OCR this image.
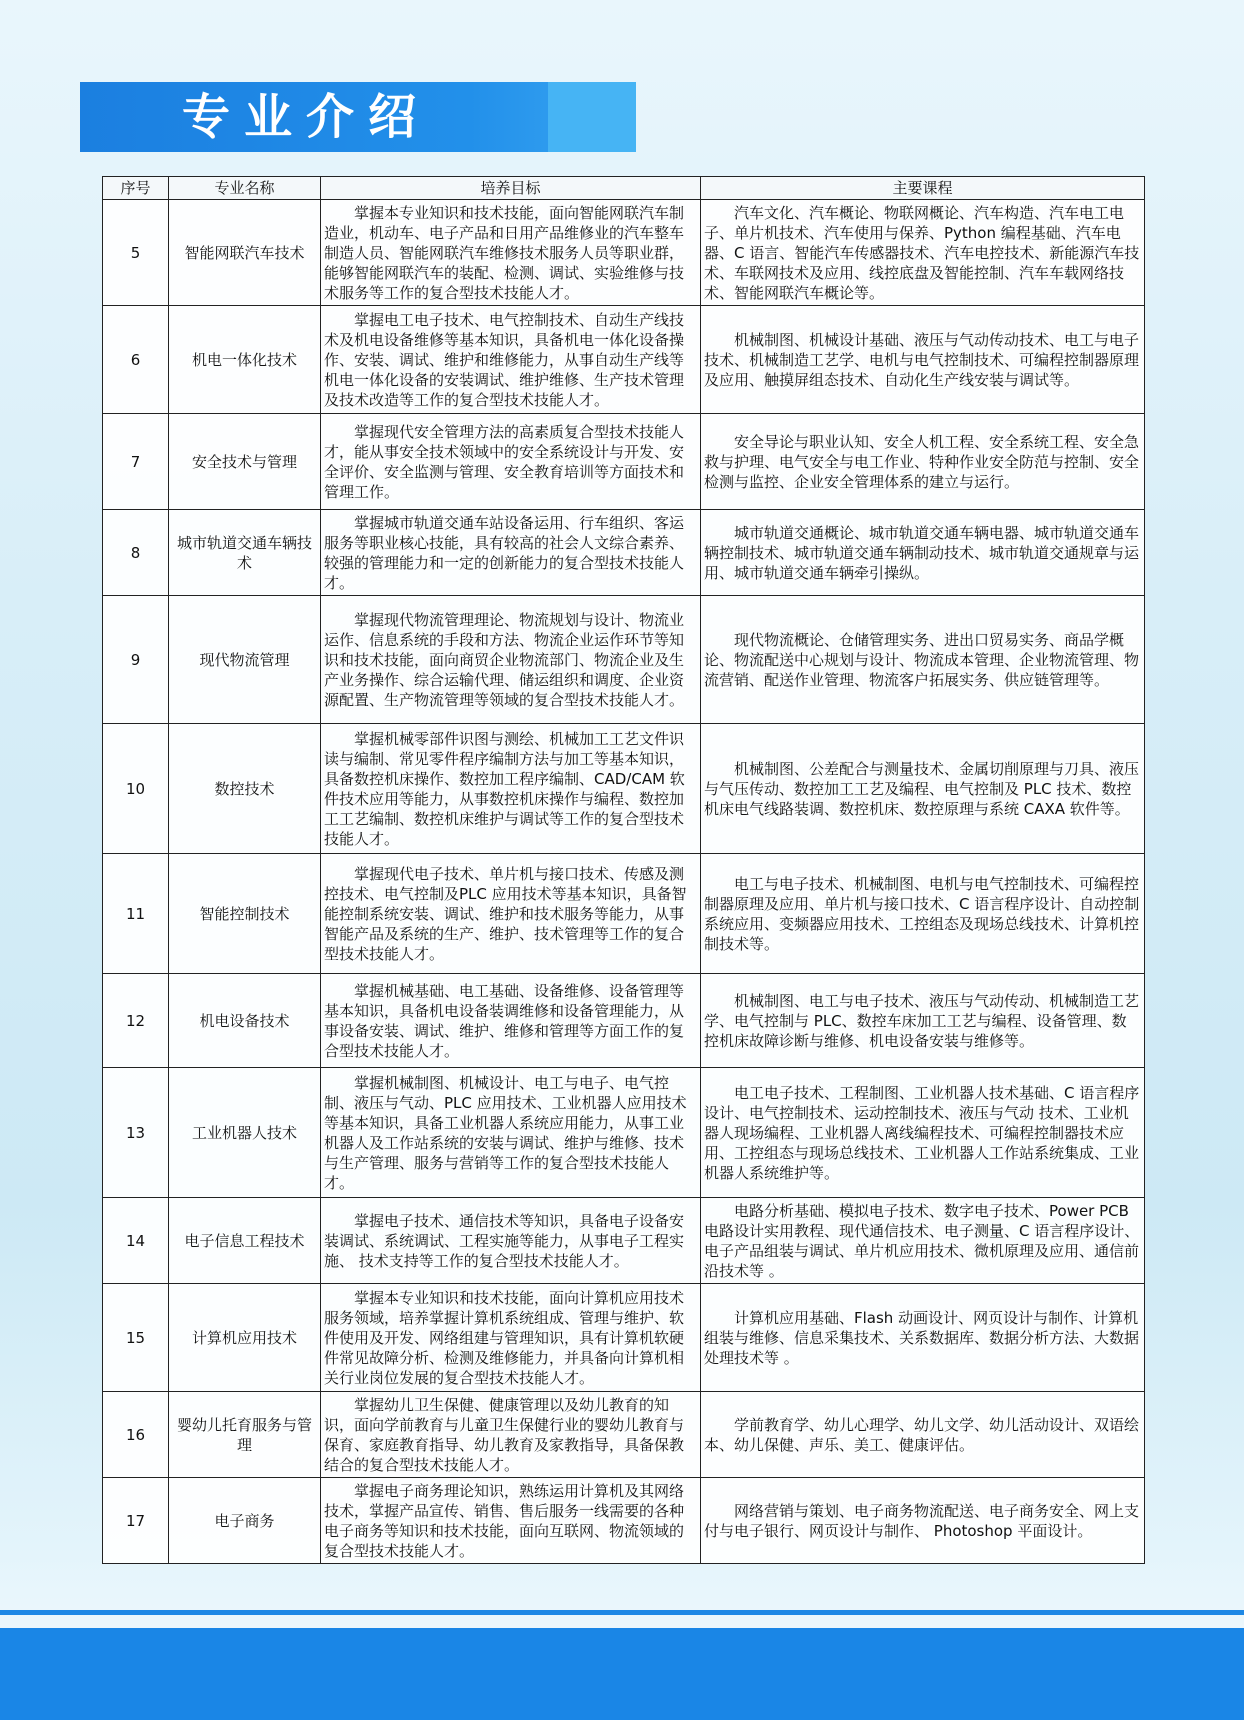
专业介绍
序号	专业名称	培养目标	主要课程
5	智能网联汽车技术	掌握本专业知识和技术技能，面向智能网联汽车制造业，机动车、电子产品和日用产品维修业的汽车整车制造人员、智能网联汽车维修技术服务人员等职业群，能够智能网联汽车的装配、检测、调试、实验维修与技术服务等工作的复合型技术技能人才。	汽车文化、汽车概论、物联网概论、汽车构造、汽车电工电子、单片机技术、汽车使用与保养、Python 编程基础、汽车电器、C 语言、智能汽车传感器技术、汽车电控技术、新能源汽车技术、车联网技术及应用、线控底盘及智能控制、汽车车载网络技术、智能网联汽车概论等。
6	机电一体化技术	掌握电工电子技术、电气控制技术、自动生产线技术及机电设备维修等基本知识，具备机电一体化设备操作、安装、调试、维护和维修能力，从事自动生产线等机电一体化设备的安装调试、维护维修、生产技术管理及技术改造等工作的复合型技术技能人才。	机械制图、机械设计基础、液压与气动传动技术、电工与电子技术、机械制造工艺学、电机与电气控制技术、可编程控制器原理及应用、触摸屏组态技术、自动化生产线安装与调试等。
7	安全技术与管理	掌握现代安全管理方法的高素质复合型技术技能人才，能从事安全技术领域中的安全系统设计与开发、安全评价、安全监测与管理、安全教育培训等方面技术和管理工作。	安全导论与职业认知、安全人机工程、安全系统工程、安全急救与护理、电气安全与电工作业、特种作业安全防范与控制、安全检测与监控、企业安全管理体系的建立与运行。
8	城市轨道交通车辆技术	掌握城市轨道交通车站设备运用、行车组织、客运服务等职业核心技能，具有较高的社会人文综合素养、较强的管理能力和一定的创新能力的复合型技术技能人才。	城市轨道交通概论、城市轨道交通车辆电器、城市轨道交通车辆控制技术、城市轨道交通车辆制动技术、城市轨道交通规章与运用、城市轨道交通车辆牵引操纵。
9	现代物流管理	掌握现代物流管理理论、物流规划与设计、物流业运作、信息系统的手段和方法、物流企业运作环节等知识和技术技能，面向商贸企业物流部门、物流企业及生产业务操作、综合运输代理、储运组织和调度、企业资源配置、生产物流管理等领域的复合型技术技能人才。	现代物流概论、仓储管理实务、进出口贸易实务、商品学概论、物流配送中心规划与设计、物流成本管理、企业物流管理、物流营销、配送作业管理、物流客户拓展实务、供应链管理等。
10	数控技术	掌握机械零部件识图与测绘、机械加工工艺文件识读与编制、常见零件程序编制方法与加工等基本知识，具备数控机床操作、数控加工程序编制、CAD/CAM 软件技术应用等能力，从事数控机床操作与编程、数控加工工艺编制、数控机床维护与调试等工作的复合型技术技能人才。	机械制图、公差配合与测量技术、金属切削原理与刀具、液压与气压传动、数控加工工艺及编程、电气控制及 PLC 技术、数控机床电气线路装调、数控机床、数控原理与系统 CAXA 软件等。
11	智能控制技术	掌握现代电子技术、单片机与接口技术、传感及测控技术、电气控制及PLC 应用技术等基本知识，具备智能控制系统安装、调试、维护和技术服务等能力，从事智能产品及系统的生产、维护、技术管理等工作的复合型技术技能人才。	电工与电子技术、机械制图、电机与电气控制技术、可编程控制器原理及应用、单片机与接口技术、C 语言程序设计、自动控制系统应用、变频器应用技术、工控组态及现场总线技术、计算机控制技术等。
12	机电设备技术	掌握机械基础、电工基础、设备维修、设备管理等基本知识，具备机电设备装调维修和设备管理能力，从事设备安装、调试、维护、维修和管理等方面工作的复合型技术技能人才。	机械制图、电工与电子技术、液压与气动传动、机械制造工艺学、电气控制与 PLC、数控车床加工工艺与编程、设备管理、数控机床故障诊断与维修、机电设备安装与维修等。
13	工业机器人技术	掌握机械制图、机械设计、电工与电子、电气控制、液压与气动、PLC 应用技术、工业机器人应用技术等基本知识，具备工业机器人系统应用能力，从事工业机器人及工作站系统的安装与调试、维护与维修、技术与生产管理、服务与营销等工作的复合型技术技能人才。	电工电子技术、工程制图、工业机器人技术基础、C 语言程序设计、电气控制技术、运动控制技术、液压与气动 技术、工业机器人现场编程、工业机器人离线编程技术、可编程控制器技术应用、工控组态与现场总线技术、工业机器人工作站系统集成、工业机器人系统维护等。
14	电子信息工程技术	掌握电子技术、通信技术等知识，具备电子设备安装调试、系统调试、工程实施等能力，从事电子工程实施、 技术支持等工作的复合型技术技能人才。	电路分析基础、模拟电子技术、数字电子技术、Power PCB 电路设计实用教程、现代通信技术、电子测量、C 语言程序设计、电子产品组装与调试、单片机应用技术、微机原理及应用、通信前沿技术等 。
15	计算机应用技术	掌握本专业知识和技术技能，面向计算机应用技术服务领域，培养掌握计算机系统组成、管理与维护、软件使用及开发、网络组建与管理知识，具有计算机软硬件常见故障分析、检测及维修能力，并具备向计算机相关行业岗位发展的复合型技术技能人才。	计算机应用基础、Flash 动画设计、网页设计与制作、计算机组装与维修、信息采集技术、关系数据库、数据分析方法、大数据处理技术等 。
16	婴幼儿托育服务与管理	掌握幼儿卫生保健、健康管理以及幼儿教育的知识，面向学前教育与儿童卫生保健行业的婴幼儿教育与保育、家庭教育指导、幼儿教育及家教指导，具备保教结合的复合型技术技能人才。	学前教育学、幼儿心理学、幼儿文学、幼儿活动设计、双语绘本、幼儿保健、声乐、美工、健康评估。
17	电子商务	掌握电子商务理论知识，熟练运用计算机及其网络技术，掌握产品宣传、销售、售后服务一线需要的各种电子商务等知识和技术技能，面向互联网、物流领域的复合型技术技能人才。	网络营销与策划、电子商务物流配送、电子商务安全、网上支付与电子银行、网页设计与制作、 Photoshop 平面设计。
